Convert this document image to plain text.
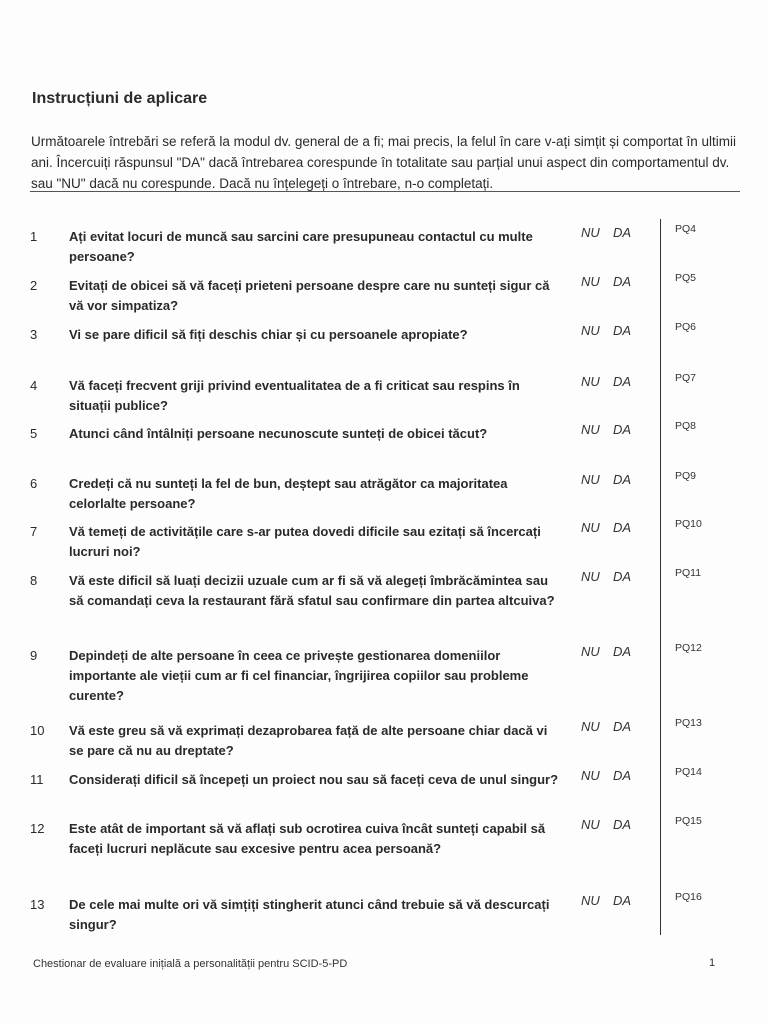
Instrucțiuni de aplicare
Următoarele întrebări se referă la modul dv. general de a fi; mai precis, la felul în care v-ați simțit și comportat în ultimii ani. Încercuiți răspunsul "DA" dacă întrebarea corespunde în totalitate sau parțial unui aspect din comportamentul dv. sau "NU" dacă nu corespunde. Dacă nu înțelegeți o întrebare, n-o completați.
1	Ați evitat locuri de muncă sau sarcini care presupuneau contactul cu multe persoane?
NU DA	PQ4
2	Evitați de obicei să vă faceți prieteni persoane despre care nu sunteți sigur că vă vor simpatiza?
NU DA	PQ5
3	Vi se pare dificil să fiți deschis chiar și cu persoanele apropiate?	NU DA	PQ6
4	Vă faceți frecvent griji privind eventualitatea de a fi criticat sau respins în situații publice?
NU DA	PQ7
5	Atunci când întâlniți persoane necunoscute sunteți de obicei tăcut?	NU DA	PQ8
6	Credeți că nu sunteți la fel de bun, deștept sau atrăgător ca majoritatea celorlalte persoane?
NU DA	PQ9
7	Vă temeți de activitățile care s-ar putea dovedi dificile sau ezitați să încercați lucruri noi?
NU DA	PQ10
8	Vă este dificil să luați decizii uzuale cum ar fi să vă alegeți îmbrăcămintea sau să comandați ceva la restaurant fără sfatul sau confirmare din partea altcuiva?
NU DA	PQ11
9	Depindeți de alte persoane în ceea ce privește gestionarea domeniilor importante ale vieții cum ar fi cel financiar, îngrijirea copiilor sau probleme curente?
NU DA	PQ12
10	Vă este greu să vă exprimați dezaprobarea față de alte persoane chiar dacă vi se pare că nu au dreptate?
NU DA	PQ13
11	Considerați dificil să începeți un proiect nou sau să faceți ceva de unul singur? NU DA	PQ14
12	Este atât de important să vă aflați sub ocrotirea cuiva încât sunteți capabil să faceți lucruri neplăcute sau excesive pentru acea persoană?
NU DA	PQ15
13	De cele mai multe ori vă simțiți stingherit atunci când trebuie să vă descurcați singur?
NU DA	PQ16
Chestionar de evaluare inițială a personalității pentru SCID-5-PD	1
